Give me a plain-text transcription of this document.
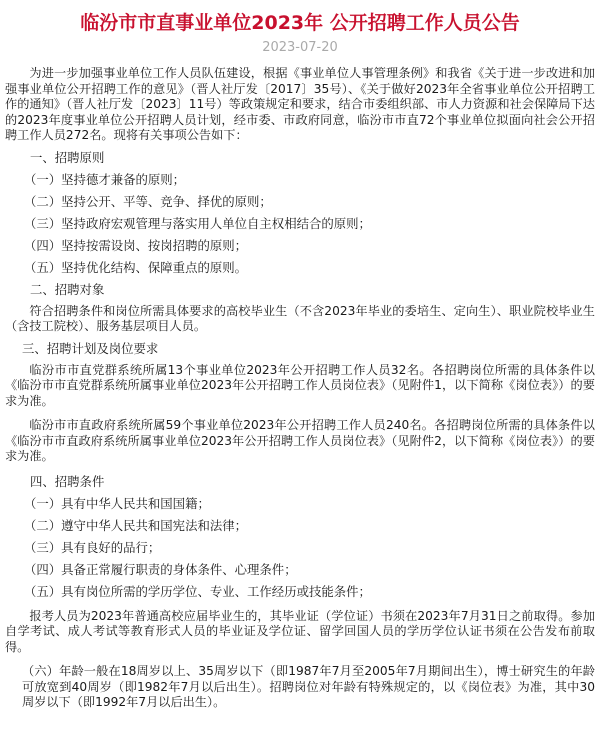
临汾市市直事业单位2023年 公开招聘工作人员公告
2023-07-20

为进一步加强事业单位工作人员队伍建设，根据《事业单位人事管理条例》和我省《关于进一步改进和加强事业单位公开招聘工作的意见》（晋人社厅发〔2017〕35号）、《关于做好2023年全省事业单位公开招聘工作的通知》（晋人社厅发〔2023〕11号）等政策规定和要求，结合市委组织部、市人力资源和社会保障局下达的2023年度事业单位公开招聘人员计划，经市委、市政府同意，临汾市市直72个事业单位拟面向社会公开招聘工作人员272名。现将有关事项公告如下：

一、招聘原则

（一）坚持德才兼备的原则；

（二）坚持公开、平等、竞争、择优的原则；

（三）坚持政府宏观管理与落实用人单位自主权相结合的原则；

（四）坚持按需设岗、按岗招聘的原则；

（五）坚持优化结构、保障重点的原则。

二、招聘对象

符合招聘条件和岗位所需具体要求的高校毕业生（不含2023年毕业的委培生、定向生）、职业院校毕业生（含技工院校）、服务基层项目人员。

三、招聘计划及岗位要求

临汾市市直党群系统所属13个事业单位2023年公开招聘工作人员32名。各招聘岗位所需的具体条件以《临汾市市直党群系统所属事业单位2023年公开招聘工作人员岗位表》（见附件1，以下简称《岗位表》）的要求为准。

临汾市市直政府系统所属59个事业单位2023年公开招聘工作人员240名。各招聘岗位所需的具体条件以《临汾市市直政府系统所属事业单位2023年公开招聘工作人员岗位表》（见附件2，以下简称《岗位表》）的要求为准。

四、招聘条件

（一）具有中华人民共和国国籍；

（二）遵守中华人民共和国宪法和法律；

（三）具有良好的品行；

（四）具备正常履行职责的身体条件、心理条件；

（五）具有岗位所需的学历学位、专业、工作经历或技能条件；

报考人员为2023年普通高校应届毕业生的，其毕业证（学位证）书须在2023年7月31日之前取得。参加自学考试、成人考试等教育形式人员的毕业证及学位证、留学回国人员的学历学位认证书须在公告发布前取得。

（六）年龄一般在18周岁以上、35周岁以下（即1987年7月至2005年7月期间出生），博士研究生的年龄可放宽到40周岁（即1982年7月以后出生）。招聘岗位对年龄有特殊规定的，以《岗位表》为准，其中30周岁以下（即1992年7月以后出生）。
